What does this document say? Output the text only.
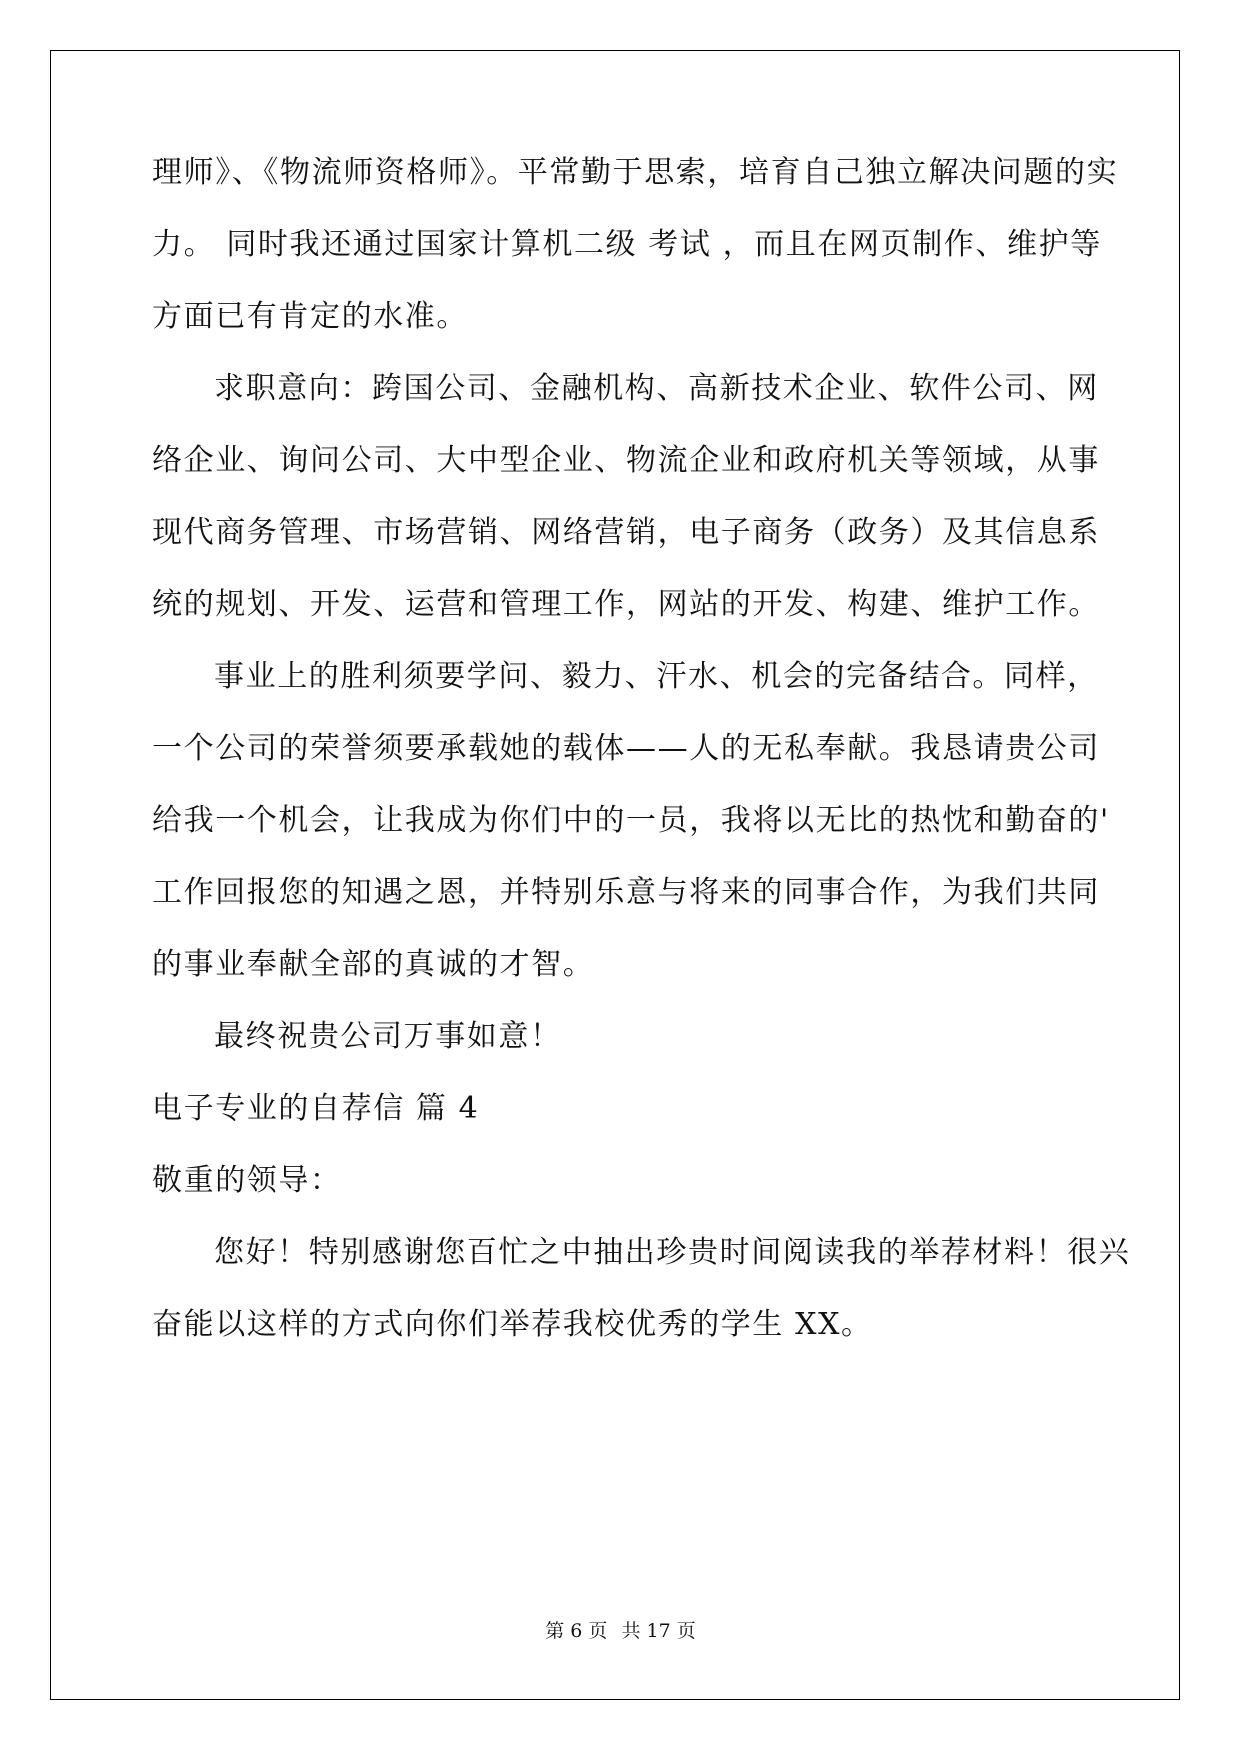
理师》、《物流师资格师》。平常勤于思索，培育自己独立解决问题的实
力。 同时我还通过国家计算机二级 考试 ，而且在网页制作、维护等
方面已有肯定的水准。
求职意向：跨国公司、金融机构、高新技术企业、软件公司、网
络企业、询问公司、大中型企业、物流企业和政府机关等领域，从事
现代商务管理、市场营销、网络营销，电子商务（政务）及其信息系
统的规划、开发、运营和管理工作，网站的开发、构建、维护工作。
事业上的胜利须要学问、毅力、汗水、机会的完备结合。同样，
一个公司的荣誉须要承载她的载体——人的无私奉献。我恳请贵公司
给我一个机会，让我成为你们中的一员，我将以无比的热忱和勤奋的'
工作回报您的知遇之恩，并特别乐意与将来的同事合作，为我们共同
的事业奉献全部的真诚的才智。
最终祝贵公司万事如意！
电子专业的自荐信 篇 4
敬重的领导：
您好！特别感谢您百忙之中抽出珍贵时间阅读我的举荐材料！很兴
奋能以这样的方式向你们举荐我校优秀的学生 XX。
第 6 页 共 17 页
